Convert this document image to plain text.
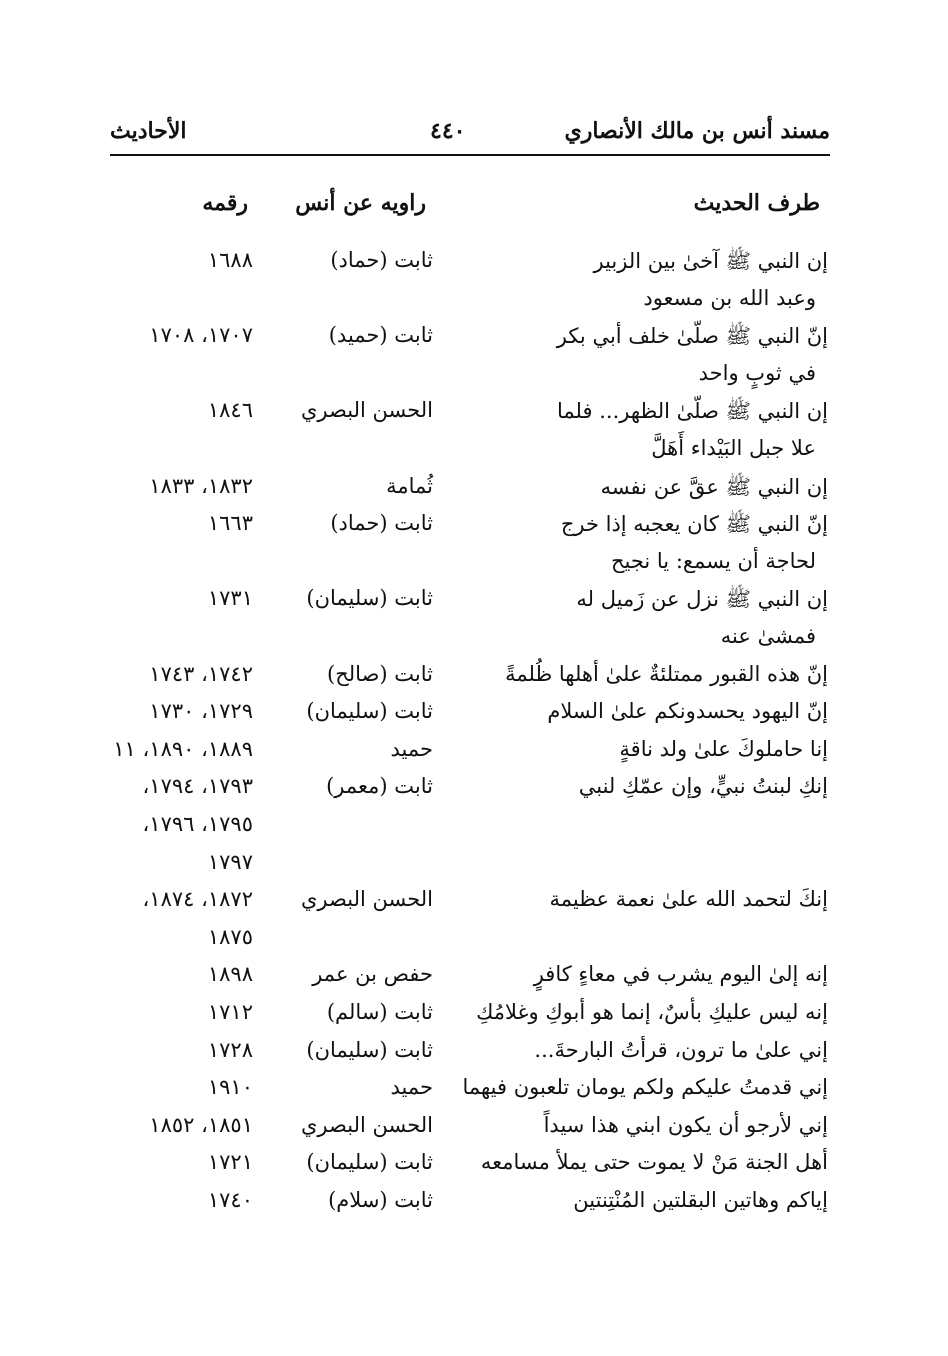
مسند أنس بن مالك الأنصاري
٤٤٠
الأحاديث
طرف الحديث
راويه عن أنس
رقمه
إن النبي ﷺ آخىٰ بين الزبير
ثابت (حماد)
١٦٨٨
وعبد الله بن مسعود
إنّ النبي ﷺ صلّىٰ خلف أبي بكر
ثابت (حميد)
١٧٠٧، ١٧٠٨
في ثوبٍ واحد
إن النبي ﷺ صلّىٰ الظهر... فلما
الحسن البصري
١٨٤٦
علا جبل البَيْداء أَهَلَّ
إن النبي ﷺ عقَّ عن نفسه
ثُمامة
١٨٣٢، ١٨٣٣
إنّ النبي ﷺ كان يعجبه إذا خرج
ثابت (حماد)
١٦٦٣
لحاجة أن يسمع: يا نجيح
إن النبي ﷺ نزل عن زَميل له
ثابت (سليمان)
١٧٣١
فمشىٰ عنه
إنّ هذه القبور ممتلئةٌ علىٰ أهلها ظُلمةً
ثابت (صالح)
١٧٤٢، ١٧٤٣
إنّ اليهود يحسدونكم علىٰ السلام
ثابت (سليمان)
١٧٢٩، ١٧٣٠
إنا حاملوكَ علىٰ ولد ناقةٍ
حميد
١٨٨٩، ١٨٩٠، ١١
إنكِ لبنتُ نبيٍّ، وإن عمّكِ لنبي
ثابت (معمر)
١٧٩٣، ١٧٩٤،
١٧٩٥، ١٧٩٦،
١٧٩٧
إنكَ لتحمد الله علىٰ نعمة عظيمة
الحسن البصري
١٨٧٢، ١٨٧٤،
١٨٧٥
إنه إلىٰ اليوم يشرب في معاءٍ كافرٍ
حفص بن عمر
١٨٩٨
إنه ليس عليكِ بأسٌ، إنما هو أبوكِ وغلامُكِ
ثابت (سالم)
١٧١٢
إني علىٰ ما ترون، قرأتُ البارحةَ...
ثابت (سليمان)
١٧٢٨
إني قدمتُ عليكم ولكم يومان تلعبون فيهما
حميد
١٩١٠
إني لأرجو أن يكون ابني هذا سيداً
الحسن البصري
١٨٥١، ١٨٥٢
أهل الجنة مَنْ لا يموت حتى يملأ مسامعه
ثابت (سليمان)
١٧٢١
إياكم وهاتين البقلتين المُنْتِنتين
ثابت (سلام)
١٧٤٠
